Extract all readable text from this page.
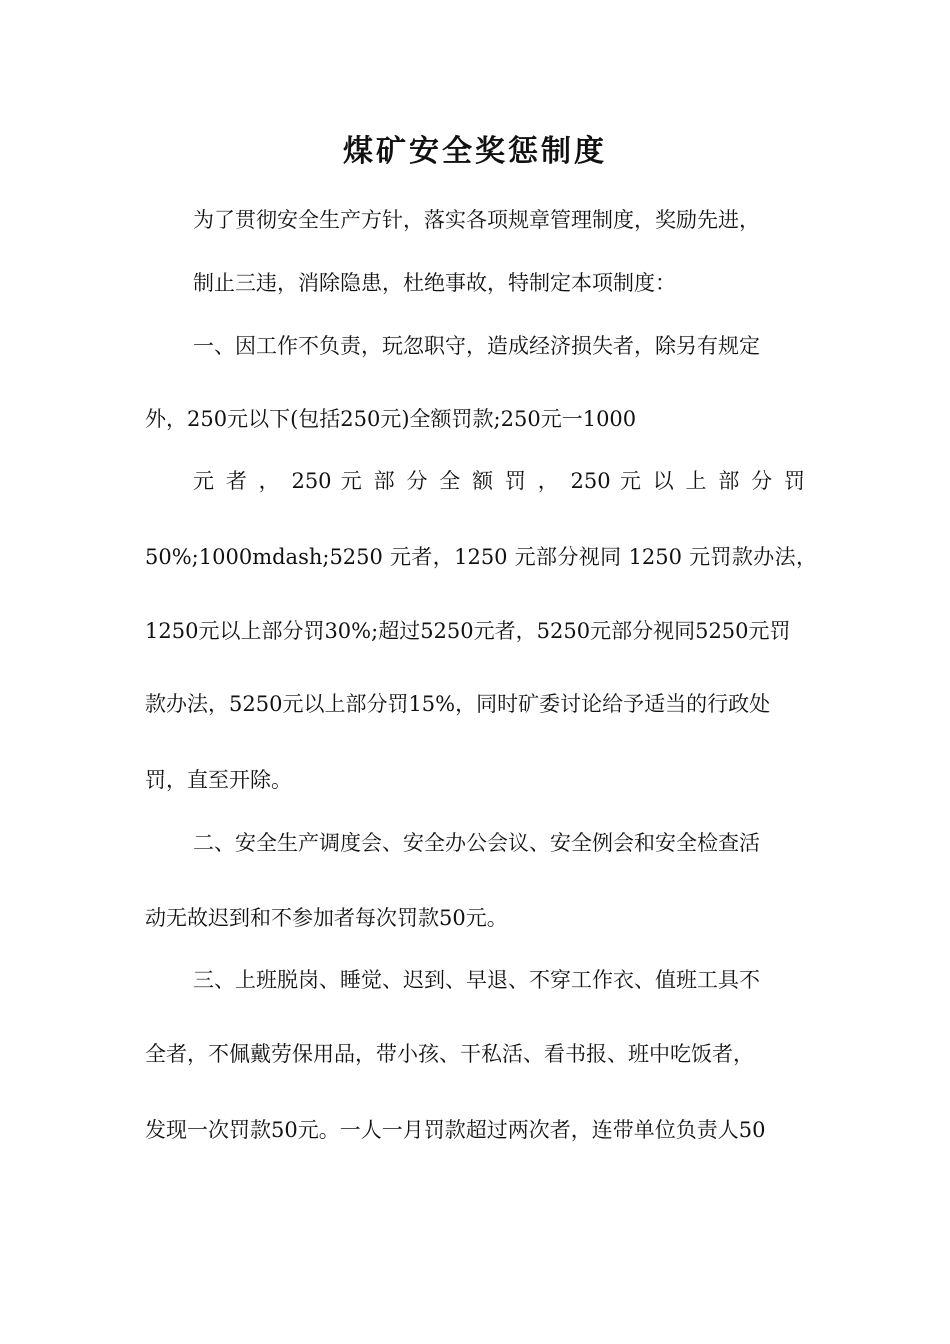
煤矿安全奖惩制度
为了贯彻安全生产方针，落实各项规章管理制度，奖励先进，
制止三违，消除隐患，杜绝事故，特制定本项制度：
一、因工作不负责，玩忽职守，造成经济损失者，除另有规定
外，250元以下(包括250元)全额罚款;250元一1000
元 者 ， 250 元 部 分 全 额 罚 ， 250 元 以 上 部 分 罚
50%;1000mdash;5250 元者，1250 元部分视同 1250 元罚款办法，
1250元以上部分罚30%;超过5250元者，5250元部分视同5250元罚
款办法，5250元以上部分罚15%，同时矿委讨论给予适当的行政处
罚，直至开除。
二、安全生产调度会、安全办公会议、安全例会和安全检查活
动无故迟到和不参加者每次罚款50元。
三、上班脱岗、睡觉、迟到、早退、不穿工作衣、值班工具不
全者，不佩戴劳保用品，带小孩、干私活、看书报、班中吃饭者，
发现一次罚款50元。一人一月罚款超过两次者，连带单位负责人50
